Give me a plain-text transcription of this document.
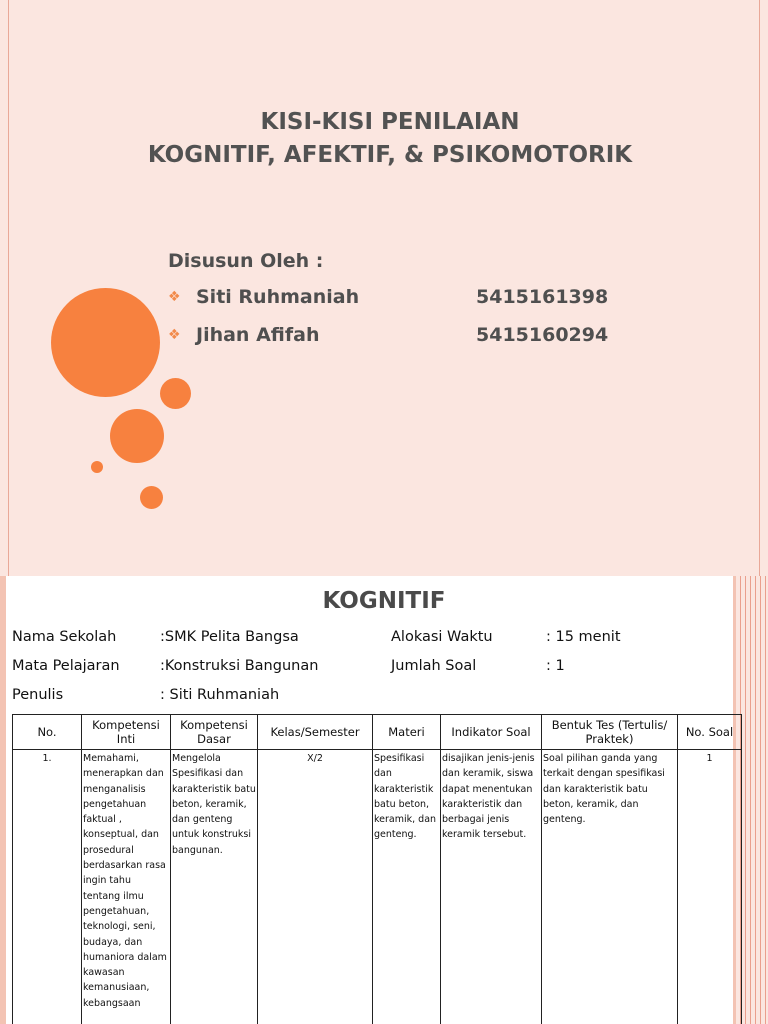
KISI-KISI PENILAIAN
KOGNITIF, AFEKTIF, & PSIKOMOTORIK
Disusun Oleh :
❖ Siti Ruhmaniah	5415161398
❖ Jihan Afifah	5415160294
KOGNITIF
Nama Sekolah	:SMK Pelita Bangsa	Alokasi Waktu	: 15 menit
Mata Pelajaran	:Konstruksi Bangunan	Jumlah Soal	: 1
Penulis	: Siti Ruhmaniah
No.	Kompetensi Inti	Kompetensi Dasar	Kelas/Semester	Materi	Indikator Soal	Bentuk Tes (Tertulis/ Praktek)	No. Soal
1.	Memahami, menerapkan dan menganalisis pengetahuan faktual , konseptual, dan prosedural berdasarkan rasa ingin tahu tentang ilmu pengetahuan, teknologi, seni, budaya, dan humaniora dalam kawasan kemanusiaan, kebangsaan	Mengelola Spesifikasi dan karakteristik batu beton, keramik, dan genteng untuk konstruksi bangunan.	X/2	Spesifikasi dan karakteristik batu beton, keramik, dan genteng.	disajikan jenis-jenis dan keramik, siswa dapat menentukan karakteristik dan berbagai jenis keramik tersebut.	Soal pilihan ganda yang terkait dengan spesifikasi dan karakteristik batu beton, keramik, dan genteng.	1
